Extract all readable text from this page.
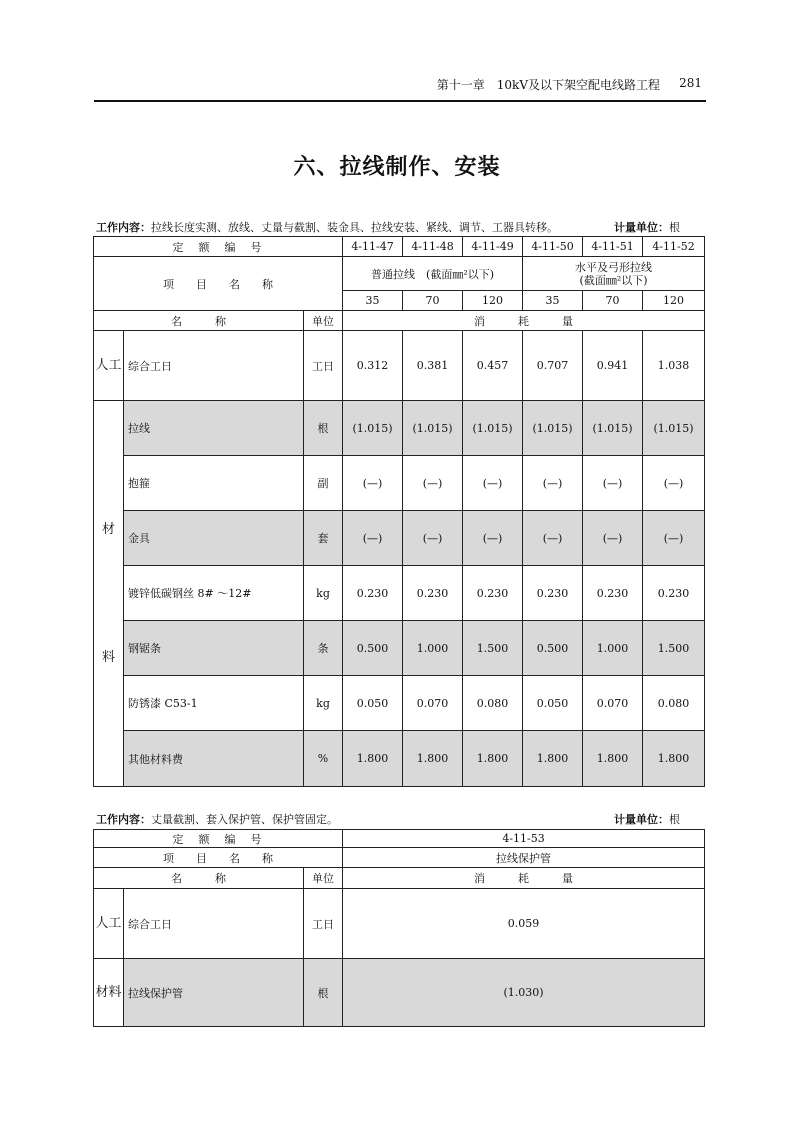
第十一章　10kV及以下架空配电线路工程 281
六、拉线制作、安装
工作内容：拉线长度实测、放线、丈量与截割、装金具、拉线安装、紧线、调节、工器具转移。	计量单位：根
定　额　编　号			4-11-47	4-11-48	4-11-49	4-11-50	4-11-51	4-11-52
项　　目　　名　　称			普通拉线　(截面㎜²以下)			水平及弓形拉线
(截面㎜²以下)		

			35	70	120	35	70	120
名　　　称		单位	消　　　耗　　　量					
人工	综合工日	工日	0.312	0.381	0.457	0.707	0.941	1.038

材
料	拉线	根	(1.015)	(1.015)	(1.015)	(1.015)	(1.015)	(1.015)
	抱箍	副	(—)	(—)	(—)	(—)	(—)	(—)
	金具	套	(—)	(—)	(—)	(—)	(—)	(—)
	镀锌低碳钢丝 8# ～12#	kg	0.230	0.230	0.230	0.230	0.230	0.230
	钢锯条	条	0.500	1.000	1.500	0.500	1.000	1.500
	防锈漆 C53-1	kg	0.050	0.070	0.080	0.050	0.070	0.080
	其他材料费	%	1.800	1.800	1.800	1.800	1.800	1.800
工作内容：丈量截割、套入保护管、保护管固定。	计量单位：根
定　额　编　号			4-11-53
项　　目　　名　　称			拉线保护管
名　　　称		单位	消　　　耗　　　量
人工	综合工日	工日	0.059
材料	拉线保护管	根	(1.030)
